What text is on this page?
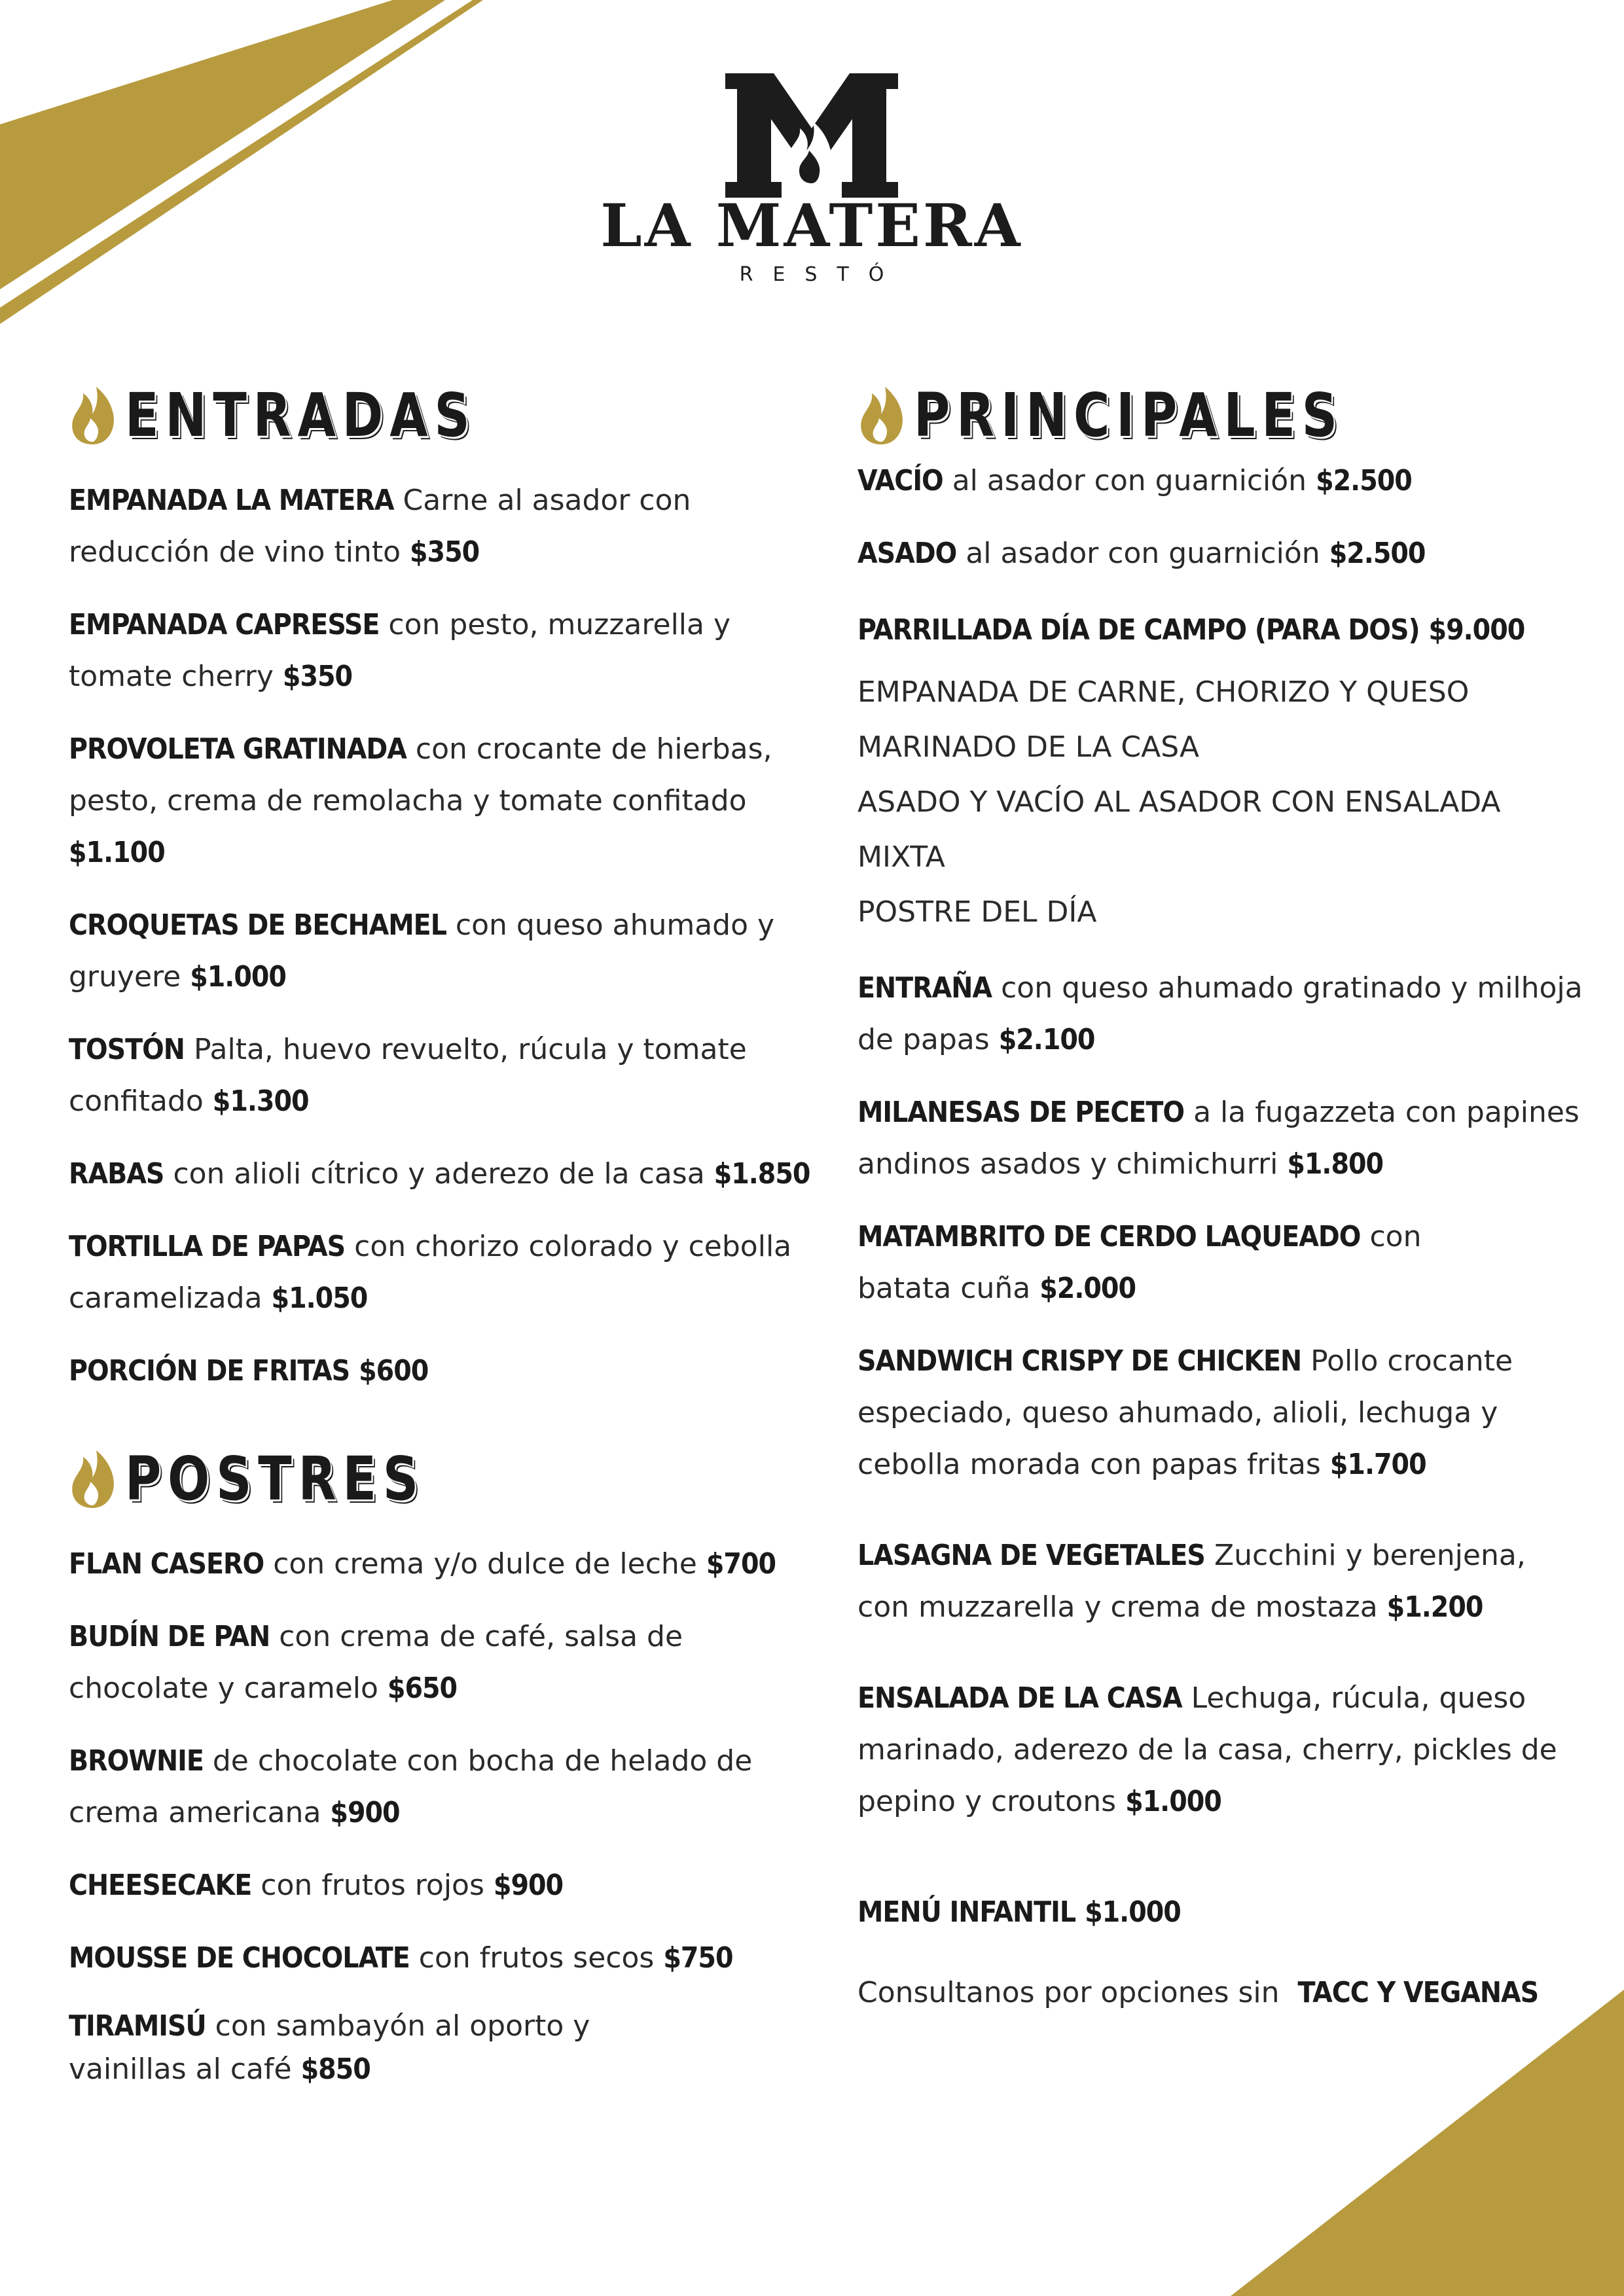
LA MATERA
RESTÓ
ENTRADAS
EMPANADA LA MATERA Carne al asador con reducción de vino tinto $350
EMPANADA CAPRESSE con pesto, muzzarella y tomate cherry $350
PROVOLETA GRATINADA con crocante de hierbas, pesto, crema de remolacha y tomate confitado $1.100
CROQUETAS DE BECHAMEL con queso ahumado y gruyere $1.000
TOSTÓN Palta, huevo revuelto, rúcula y tomate confitado $1.300
RABAS con alioli cítrico y aderezo de la casa $1.850
TORTILLA DE PAPAS con chorizo colorado y cebolla caramelizada $1.050
PORCIÓN DE FRITAS $600
POSTRES
FLAN CASERO con crema y/o dulce de leche $700
BUDÍN DE PAN con crema de café, salsa de chocolate y caramelo $650
BROWNIE de chocolate con bocha de helado de crema americana $900
CHEESECAKE con frutos rojos $900
MOUSSE DE CHOCOLATE con frutos secos $750
TIRAMISÚ con sambayón al oporto y vainillas al café $850
PRINCIPALES
VACÍO al asador con guarnición $2.500
ASADO al asador con guarnición $2.500
PARRILLADA DÍA DE CAMPO (PARA DOS) $9.000
EMPANADA DE CARNE, CHORIZO Y QUESO
MARINADO DE LA CASA
ASADO Y VACÍO AL ASADOR CON ENSALADA
MIXTA
POSTRE DEL DÍA
ENTRAÑA con queso ahumado gratinado y milhoja de papas $2.100
MILANESAS DE PECETO a la fugazzeta con papines andinos asados y chimichurri $1.800
MATAMBRITO DE CERDO LAQUEADO con batata cuña $2.000
SANDWICH CRISPY DE CHICKEN Pollo crocante especiado, queso ahumado, alioli, lechuga y cebolla morada con papas fritas $1.700
LASAGNA DE VEGETALES Zucchini y berenjena, con muzzarella y crema de mostaza $1.200
ENSALADA DE LA CASA Lechuga, rúcula, queso marinado, aderezo de la casa, cherry, pickles de pepino y croutons $1.000
MENÚ INFANTIL $1.000
Consultanos por opciones sin TACC Y VEGANAS
